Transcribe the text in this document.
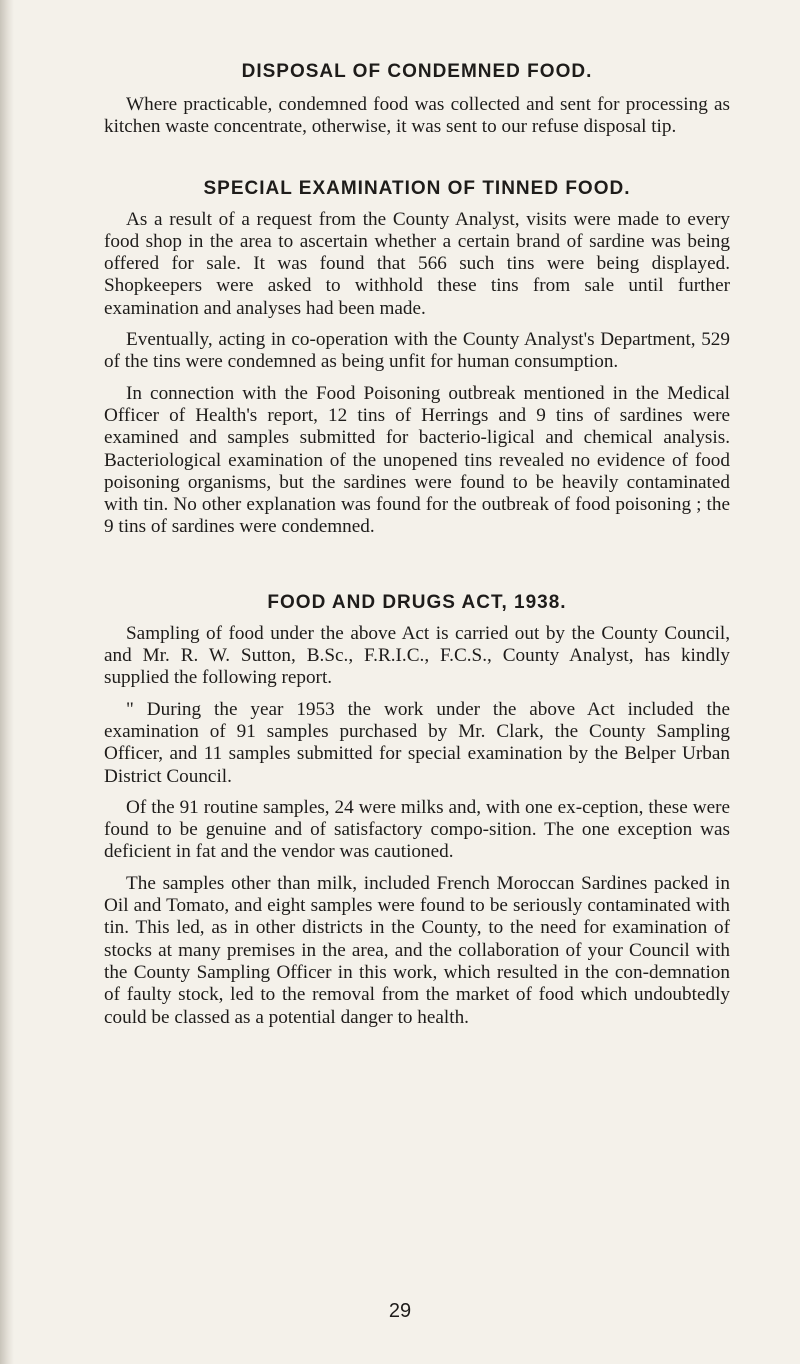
DISPOSAL OF CONDEMNED FOOD.

Where practicable, condemned food was collected and sent for processing as kitchen waste concentrate, otherwise, it was sent to our refuse disposal tip.

SPECIAL EXAMINATION OF TINNED FOOD.

As a result of a request from the County Analyst, visits were made to every food shop in the area to ascertain whether a certain brand of sardine was being offered for sale. It was found that 566 such tins were being displayed. Shopkeepers were asked to withhold these tins from sale until further examination and analyses had been made.

Eventually, acting in co-operation with the County Analyst's Department, 529 of the tins were condemned as being unfit for human consumption.

In connection with the Food Poisoning outbreak mentioned in the Medical Officer of Health's report, 12 tins of Herrings and 9 tins of sardines were examined and samples submitted for bacterio-ligical and chemical analysis. Bacteriological examination of the unopened tins revealed no evidence of food poisoning organisms, but the sardines were found to be heavily contaminated with tin. No other explanation was found for the outbreak of food poisoning ; the 9 tins of sardines were condemned.

FOOD AND DRUGS ACT, 1938.

Sampling of food under the above Act is carried out by the County Council, and Mr. R. W. Sutton, B.Sc., F.R.I.C., F.C.S., County Analyst, has kindly supplied the following report.

" During the year 1953 the work under the above Act included the examination of 91 samples purchased by Mr. Clark, the County Sampling Officer, and 11 samples submitted for special examination by the Belper Urban District Council.

Of the 91 routine samples, 24 were milks and, with one ex-ception, these were found to be genuine and of satisfactory compo-sition. The one exception was deficient in fat and the vendor was cautioned.

The samples other than milk, included French Moroccan Sardines packed in Oil and Tomato, and eight samples were found to be seriously contaminated with tin. This led, as in other districts in the County, to the need for examination of stocks at many premises in the area, and the collaboration of your Council with the County Sampling Officer in this work, which resulted in the con-demnation of faulty stock, led to the removal from the market of food which undoubtedly could be classed as a potential danger to health.

29
